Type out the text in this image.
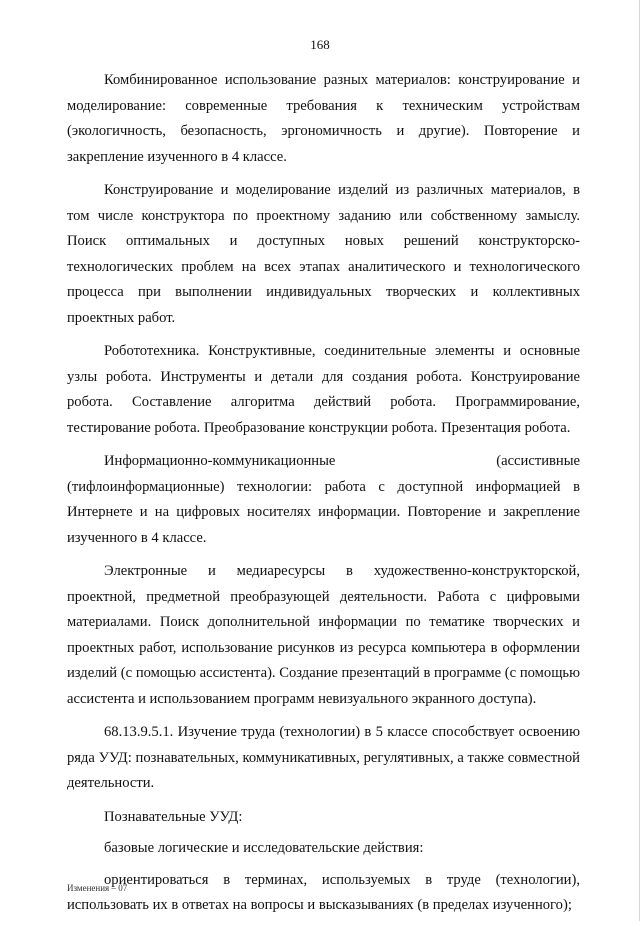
168

Комбинированное использование разных материалов: конструирование и моделирование: современные требования к техническим устройствам (экологичность, безопасность, эргономичность и другие). Повторение и закрепление изученного в 4 классе.

Конструирование и моделирование изделий из различных материалов, в том числе конструктора по проектному заданию или собственному замыслу. Поиск оптимальных и доступных новых решений конструкторско-технологических проблем на всех этапах аналитического и технологического процесса при выполнении индивидуальных творческих и коллективных проектных работ.

Робототехника. Конструктивные, соединительные элементы и основные узлы робота. Инструменты и детали для создания робота. Конструирование робота. Составление алгоритма действий робота. Программирование, тестирование робота. Преобразование конструкции робота. Презентация робота.

Информационно-коммуникационные (ассистивные (тифлоинформационные) технологии: работа с доступной информацией в Интернете и на цифровых носителях информации. Повторение и закрепление изученного в 4 классе.

Электронные и медиаресурсы в художественно-конструкторской, проектной, предметной преобразующей деятельности. Работа с цифровыми материалами. Поиск дополнительной информации по тематике творческих и проектных работ, использование рисунков из ресурса компьютера в оформлении изделий (с помощью ассистента). Создание презентаций в программе (с помощью ассистента и использованием программ невизуального экранного доступа).

68.13.9.5.1. Изучение труда (технологии) в 5 классе способствует освоению ряда УУД: познавательных, коммуникативных, регулятивных, а также совместной деятельности.

Познавательные УУД:

базовые логические и исследовательские действия:

ориентироваться в терминах, используемых в труде (технологии), использовать их в ответах на вопросы и высказываниях (в пределах изученного);

Изменения – 07
